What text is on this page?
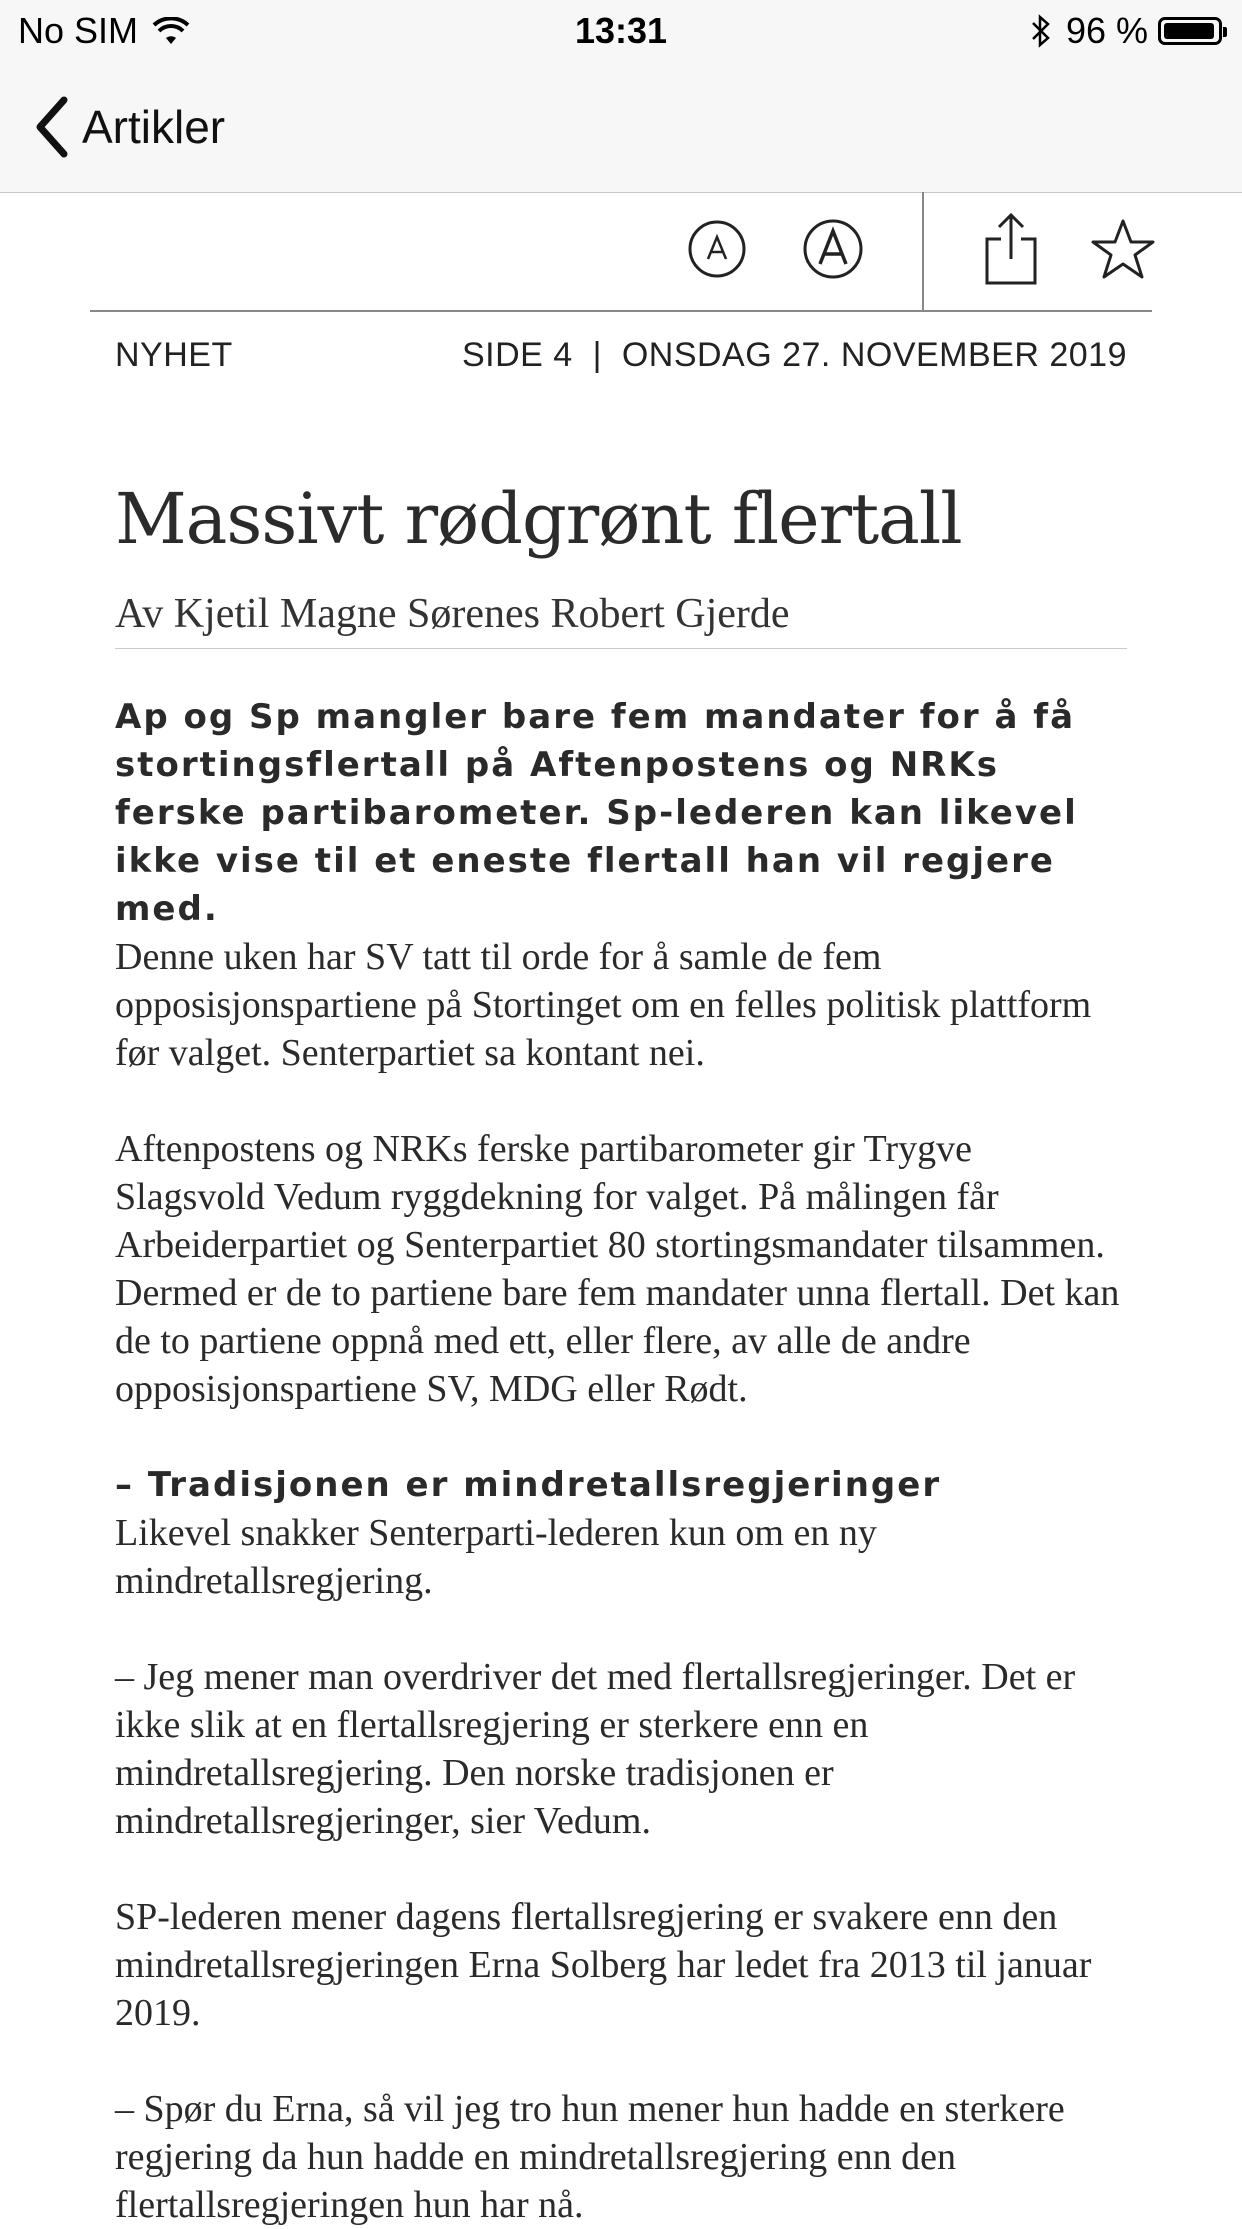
No SIM	13:31	96 %
Artikler
NYHET	SIDE 4  |  ONSDAG 27. NOVEMBER 2019
Massivt rødgrønt flertall
Av Kjetil Magne Sørenes Robert Gjerde
Ap og Sp mangler bare fem mandater for å få stortingsflertall på Aftenpostens og NRKs ferske partibarometer. Sp-lederen kan likevel ikke vise til et eneste flertall han vil regjere med.

Denne uken har SV tatt til orde for å samle de fem opposisjonspartiene på Stortinget om en felles politisk plattform før valget. Senterpartiet sa kontant nei.

Aftenpostens og NRKs ferske partibarometer gir Trygve Slagsvold Vedum ryggdekning for valget. På målingen får Arbeiderpartiet og Senterpartiet 80 stortingsmandater tilsammen. Dermed er de to partiene bare fem mandater unna flertall. Det kan de to partiene oppnå med ett, eller flere, av alle de andre opposisjonspartiene SV, MDG eller Rødt.

– Tradisjonen er mindretallsregjeringer

Likevel snakker Senterparti-lederen kun om en ny mindretallsregjering.

– Jeg mener man overdriver det med flertallsregjeringer. Det er ikke slik at en flertallsregjering er sterkere enn en mindretallsregjering. Den norske tradisjonen er mindretallsregjeringer, sier Vedum.

SP-lederen mener dagens flertallsregjering er svakere enn den mindretallsregjeringen Erna Solberg har ledet fra 2013 til januar 2019.

– Spør du Erna, så vil jeg tro hun mener hun hadde en sterkere regjering da hun hadde en mindretallsregjering enn den flertallsregjeringen hun har nå.
